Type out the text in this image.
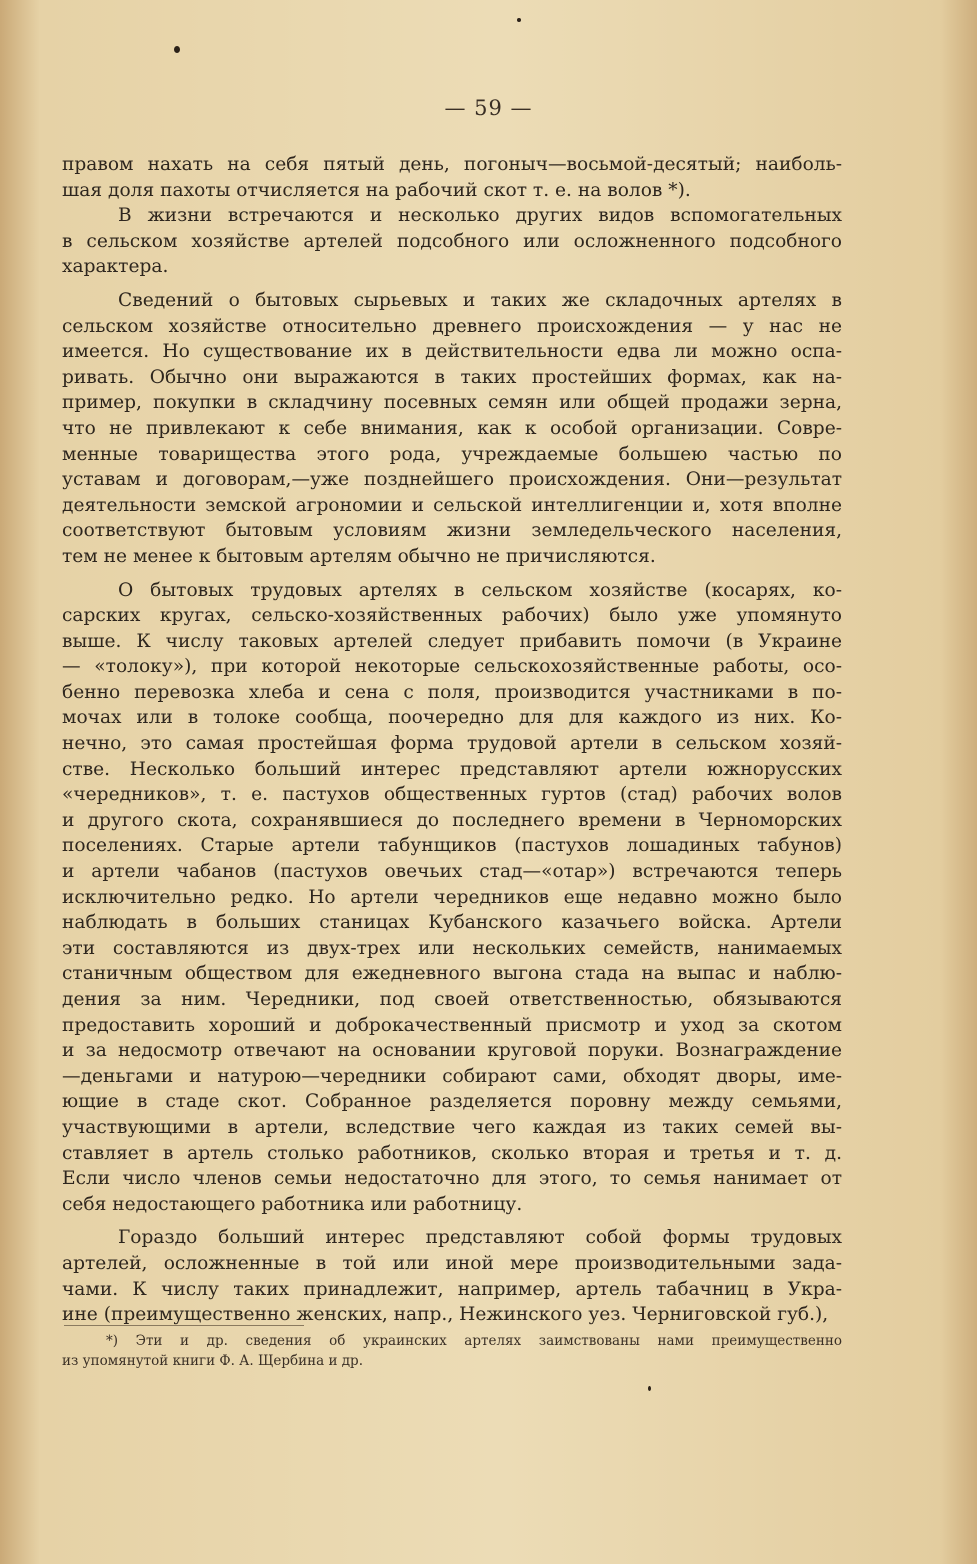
— 59 —
правом нахать на себя пятый день, погоныч—восьмой-десятый; наиболь-
шая доля пахоты отчисляется на рабочий скот т. е. на волов *).
В жизни встречаются и несколько других видов вспомогательных
в сельском хозяйстве артелей подсобного или осложненного подсобного
характера.
Сведений о бытовых сырьевых и таких же складочных артелях в
сельском хозяйстве относительно древнего происхождения — у нас не
имеется. Но существование их в действительности едва ли можно оспа-
ривать. Обычно они выражаются в таких простейших формах, как на-
пример, покупки в складчину посевных семян или общей продажи зерна,
что не привлекают к себе внимания, как к особой организации. Совре-
менные товарищества этого рода, учреждаемые большею частью по
уставам и договорам,—уже позднейшего происхождения. Они—результат
деятельности земской агрономии и сельской интеллигенции и, хотя вполне
соответствуют бытовым условиям жизни земледельческого населения,
тем не менее к бытовым артелям обычно не причисляются.
О бытовых трудовых артелях в сельском хозяйстве (косарях, ко-
сарских кругах, сельско-хозяйственных рабочих) было уже упомянуто
выше. К числу таковых артелей следует прибавить помочи (в Украине
— «толоку»), при которой некоторые сельскохозяйственные работы, осо-
бенно перевозка хлеба и сена с поля, производится участниками в по-
мочах или в толоке сообща, поочередно для для каждого из них. Ко-
нечно, это самая простейшая форма трудовой артели в сельском хозяй-
стве. Несколько больший интерес представляют артели южнорусских
«чередников», т. е. пастухов общественных гуртов (стад) рабочих волов
и другого скота, сохранявшиеся до последнего времени в Черноморских
поселениях. Старые артели табунщиков (пастухов лошадиных табунов)
и артели чабанов (пастухов овечьих стад—«отар») встречаются теперь
исключительно редко. Но артели чередников еще недавно можно было
наблюдать в больших станицах Кубанского казачьего войска. Артели
эти составляются из двух-трех или нескольких семейств, нанимаемых
станичным обществом для ежедневного выгона стада на выпас и наблю-
дения за ним. Чередники, под своей ответственностью, обязываются
предоставить хороший и доброкачественный присмотр и уход за скотом
и за недосмотр отвечают на основании круговой поруки. Вознаграждение
—деньгами и натурою—чередники собирают сами, обходят дворы, име-
ющие в стаде скот. Собранное разделяется поровну между семьями,
участвующими в артели, вследствие чего каждая из таких семей вы-
ставляет в артель столько работников, сколько вторая и третья и т. д.
Если число членов семьи недостаточно для этого, то семья нанимает от
себя недостающего работника или работницу.
Гораздо больший интерес представляют собой формы трудовых
артелей, осложненные в той или иной мере производительными зада-
чами. К числу таких принадлежит, например, артель табачниц в Укра-
ине (преимущественно женских, напр., Нежинского уез. Черниговской губ.),
*) Эти и др. сведения об украинских артелях заимствованы нами преимущественно
из упомянутой книги Ф. А. Щербина и др.
